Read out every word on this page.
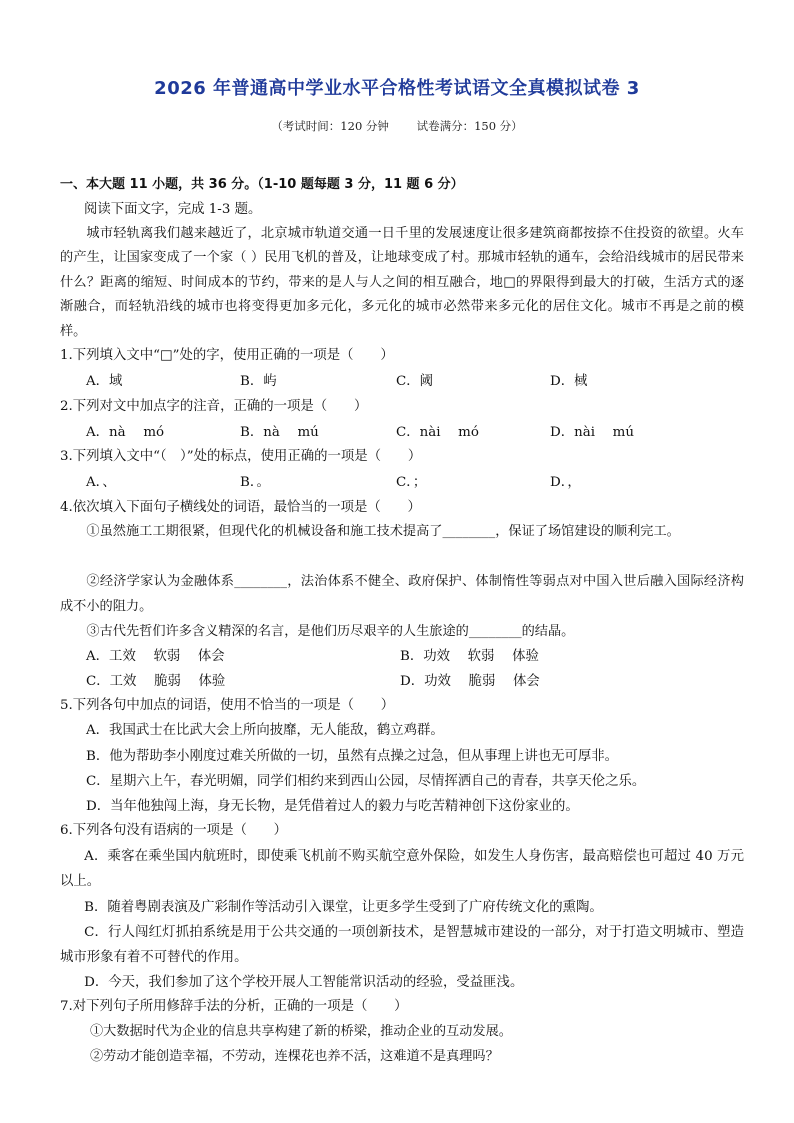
2026 年普通高中学业水平合格性考试语文全真模拟试卷 3
（考试时间：120 分钟 试卷满分：150 分）
一、本大题 11 小题，共 36 分。（1-10 题每题 3 分，11 题 6 分）
阅读下面文字，完成 1-3 题。

城市轻轨离我们越来越近了，北京城市轨道交通一日千里的发展速度让很多建筑商都按捺不住投资的欲望。火车的产生，让国家变成了一个家（ ）民用飞机的普及，让地球变成了村。那城市轻轨的通车，会给沿线城市的居民带来什么？距离的缩短、时间成本的节约，带来的是人与人之间的相互融合，地□的界限得到最大的打破，生活方式的逐渐融合，而轻轨沿线的城市也将变得更加多元化，多元化的城市必然带来多元化的居住文化。城市不再是之前的模样。

1.下列填入文中“□”处的字，使用正确的一项是（　　）
A．域	B．屿	C．阈	D．棫
2.下列对文中加点字的注音，正确的一项是（　　）
A．nà　 mó	B．nà　 mú	C．nài　 mó	D．nài　 mú
3.下列填入文中“（　）”处的标点，使用正确的一项是（　　）
A．、	B．。	C．；	D．，
4.依次填入下面句子横线处的词语，最恰当的一项是（　　）

①虽然施工工期很紧，但现代化的机械设备和施工技术提高了________，保证了场馆建设的顺利完工。

②经济学家认为金融体系________，法治体系不健全、政府保护、体制惰性等弱点对中国入世后融入国际经济构成不小的阻力。

③古代先哲们许多含义精深的名言，是他们历尽艰辛的人生旅途的________的结晶。

A．工效　 软弱　 体会	B．功效　 软弱　 体验
C．工效　 脆弱　 体验	D．功效　 脆弱　 体会
5.下列各句中加点的词语，使用不恰当的一项是（　　）
A．我国武士在比武大会上所向披靡，无人能敌，鹤立鸡群。
B．他为帮助李小刚度过难关所做的一切，虽然有点操之过急，但从事理上讲也无可厚非。
C．星期六上午，春光明媚，同学们相约来到西山公园，尽情挥洒自己的青春，共享天伦之乐。
D．当年他独闯上海，身无长物，是凭借着过人的毅力与吃苦精神创下这份家业的。
6.下列各句没有语病的一项是（　　）

A．乘客在乘坐国内航班时，即使乘飞机前不购买航空意外保险，如发生人身伤害，最高赔偿也可超过 40 万元以上。

B．随着粤剧表演及广彩制作等活动引入课堂，让更多学生受到了广府传统文化的熏陶。

C．行人闯红灯抓拍系统是用于公共交通的一项创新技术，是智慧城市建设的一部分，对于打造文明城市、塑造城市形象有着不可替代的作用。

D．今天，我们参加了这个学校开展人工智能常识活动的经验，受益匪浅。

7.对下列句子所用修辞手法的分析，正确的一项是（　　）
①大数据时代为企业的信息共享构建了新的桥梁，推动企业的互动发展。
②劳动才能创造幸福，不劳动，连棵花也养不活，这难道不是真理吗？
